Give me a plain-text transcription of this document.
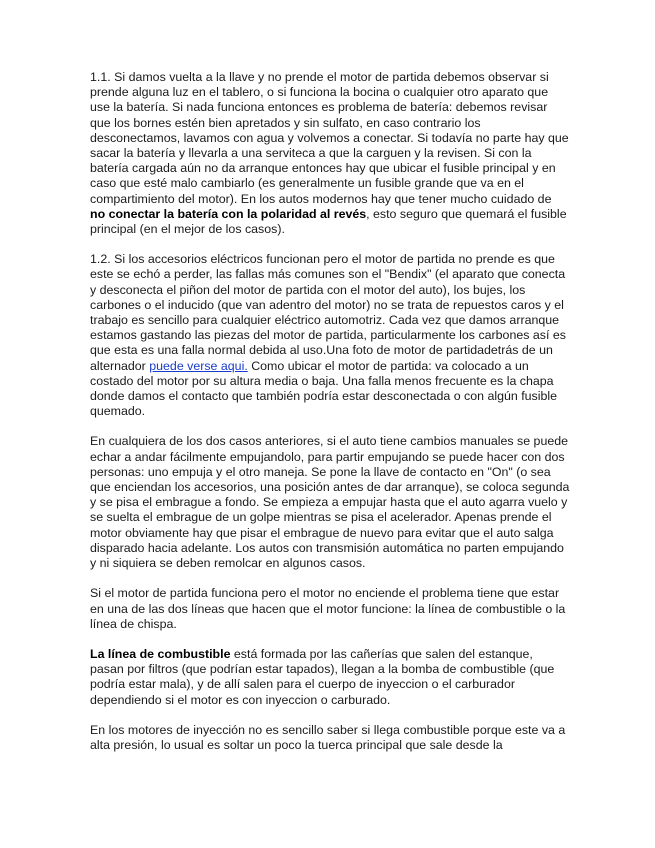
1.1. Si damos vuelta a la llave y no prende el motor de partida debemos observar si prende alguna luz en el tablero, o si funciona la bocina o cualquier otro aparato que use la batería. Si nada funciona entonces es problema de batería: debemos revisar que los bornes estén bien apretados y sin sulfato, en caso contrario los desconectamos, lavamos con agua y volvemos a conectar. Si todavía no parte hay que sacar la batería y llevarla a una serviteca a que la carguen y la revisen. Si con la batería cargada aún no da arranque entonces hay que ubicar el fusible principal y en caso que esté malo cambiarlo (es generalmente un fusible grande que va en el compartimiento del motor). En los autos modernos hay que tener mucho cuidado de no conectar la batería con la polaridad al revés, esto seguro que quemará el fusible principal (en el mejor de los casos).

1.2. Si los accesorios eléctricos funcionan pero el motor de partida no prende es que este se echó a perder, las fallas más comunes son el "Bendix" (el aparato que conecta y desconecta el piñon del motor de partida con el motor del auto), los bujes, los carbones o el inducido (que van adentro del motor) no se trata de repuestos caros y el trabajo es sencillo para cualquier eléctrico automotriz. Cada vez que damos arranque estamos gastando las piezas del motor de partida, particularmente los carbones así es que esta es una falla normal debida al uso.Una foto de motor de partidadetrás de un alternador puede verse aqui. Como ubicar el motor de partida: va colocado a un costado del motor por su altura media o baja. Una falla menos frecuente es la chapa donde damos el contacto que también podría estar desconectada o con algún fusible quemado.

En cualquiera de los dos casos anteriores, si el auto tiene cambios manuales se puede echar a andar fácilmente empujandolo, para partir empujando se puede hacer con dos personas: uno empuja y el otro maneja. Se pone la llave de contacto en "On" (o sea que enciendan los accesorios, una posición antes de dar arranque), se coloca segunda y se pisa el embrague a fondo. Se empieza a empujar hasta que el auto agarra vuelo y se suelta el embrague de un golpe mientras se pisa el acelerador. Apenas prende el motor obviamente hay que pisar el embrague de nuevo para evitar que el auto salga disparado hacia adelante. Los autos con transmisión automática no parten empujando y ni siquiera se deben remolcar en algunos casos.

Si el motor de partida funciona pero el motor no enciende el problema tiene que estar en una de las dos líneas que hacen que el motor funcione: la línea de combustible o la línea de chispa.

La línea de combustible está formada por las cañerías que salen del estanque, pasan por filtros (que podrían estar tapados), llegan a la bomba de combustible (que podría estar mala), y de allí salen para el cuerpo de inyeccion o el carburador dependiendo si el motor es con inyeccion o carburado.

En los motores de inyección no es sencillo saber si llega combustible porque este va a alta presión, lo usual es soltar un poco la tuerca principal que sale desde la
